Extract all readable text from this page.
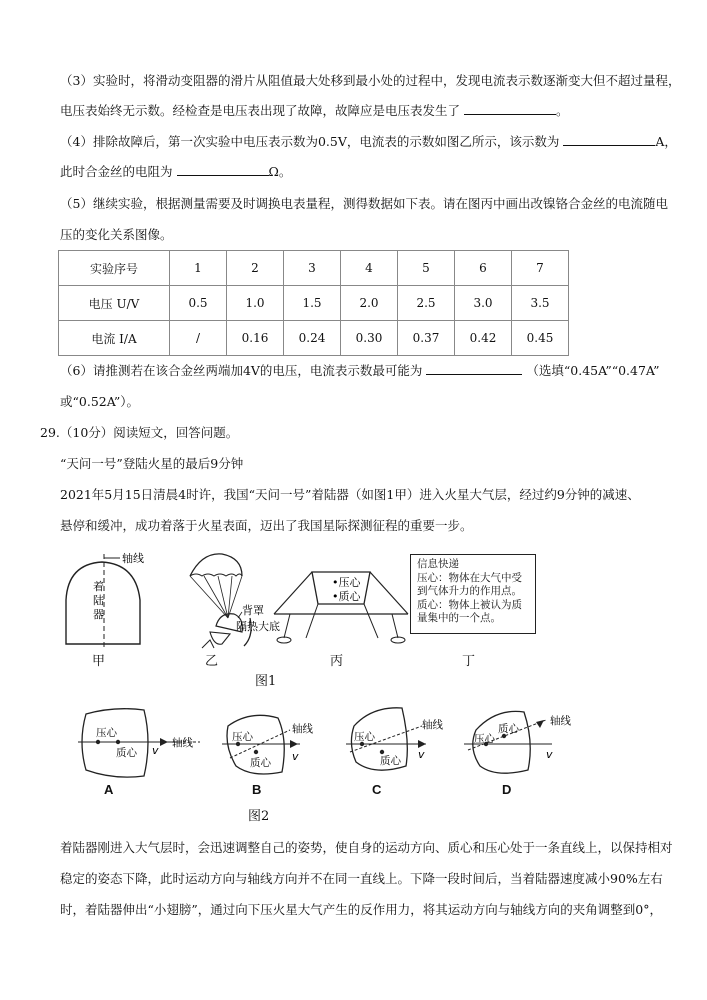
（3）实验时，将滑动变阻器的滑片从阻值最大处移到最小处的过程中，发现电流表示数逐渐变大但不超过量程，
电压表始终无示数。经检查是电压表出现了故障，故障应是电压表发生了	。
（4）排除故障后，第一次实验中电压表示数为0.5V，电流表的示数如图乙所示，该示数为	A，
此时合金丝的电阻为	Ω。
（5）继续实验，根据测量需要及时调换电表量程，测得数据如下表。请在图丙中画出改镍铬合金丝的电流随电
压的变化关系图像。
实验序号	1	2	3	4	5	6	7
电压 U/V	0.5	1.0	1.5	2.0	2.5	3.0	3.5
电流 I/A	/	0.16	0.24	0.30	0.37	0.42	0.45
（6）请推测若在该合金丝两端加4V的电压，电流表示数最可能为	（选填“0.45A”“0.47A”
或“0.52A”）。
29.（10分）阅读短文，回答问题。
“天问一号”登陆火星的最后9分钟
2021年5月15日清晨4时许，我国“天问一号”着陆器（如图1甲）进入火星大气层，经过约9分钟的减速、
悬停和缓冲，成功着落于火星表面，迈出了我国星际探测征程的重要一步。
轴线
着
陆
器	背罩
隔热大底
•压心
•质心
信息快递
压心：物体在大气中受
到气体升力的作用点。
质心：物体上被认为质
量集中的一个点。
甲	乙	丙	丁
图1
压心
质心 v
轴线	压心
质心 v
轴线
压心
质心 v
轴线
压心
质心
v
轴线
A	B	C	D
图2
着陆器刚进入大气层时，会迅速调整自己的姿势，使自身的运动方向、质心和压心处于一条直线上，以保持相对
稳定的姿态下降，此时运动方向与轴线方向并不在同一直线上。下降一段时间后，当着陆器速度减小90%左右
时，着陆器伸出“小翅膀”，通过向下压火星大气产生的反作用力，将其运动方向与轴线方向的夹角调整到0°，
